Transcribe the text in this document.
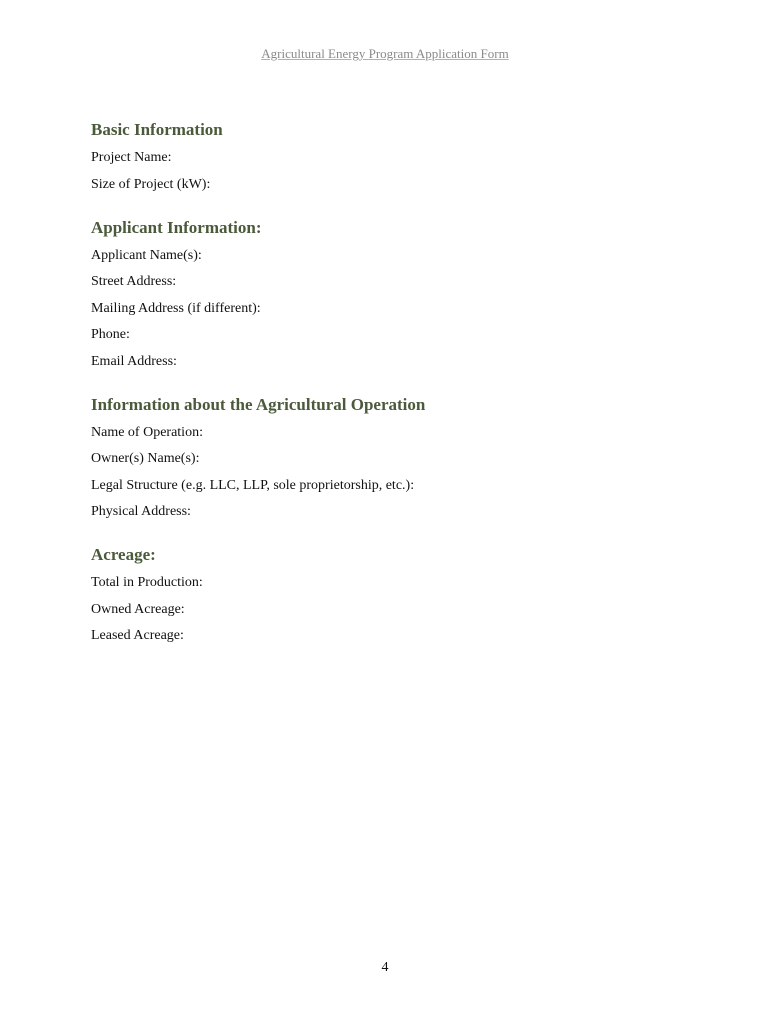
Agricultural Energy Program Application Form
Basic Information
Project Name:
Size of Project (kW):
Applicant Information:
Applicant Name(s):
Street Address:
Mailing Address (if different):
Phone:
Email Address:
Information about the Agricultural Operation
Name of Operation:
Owner(s) Name(s):
Legal Structure (e.g. LLC, LLP, sole proprietorship, etc.):
Physical Address:
Acreage:
Total in Production:
Owned Acreage:
Leased Acreage:
4
